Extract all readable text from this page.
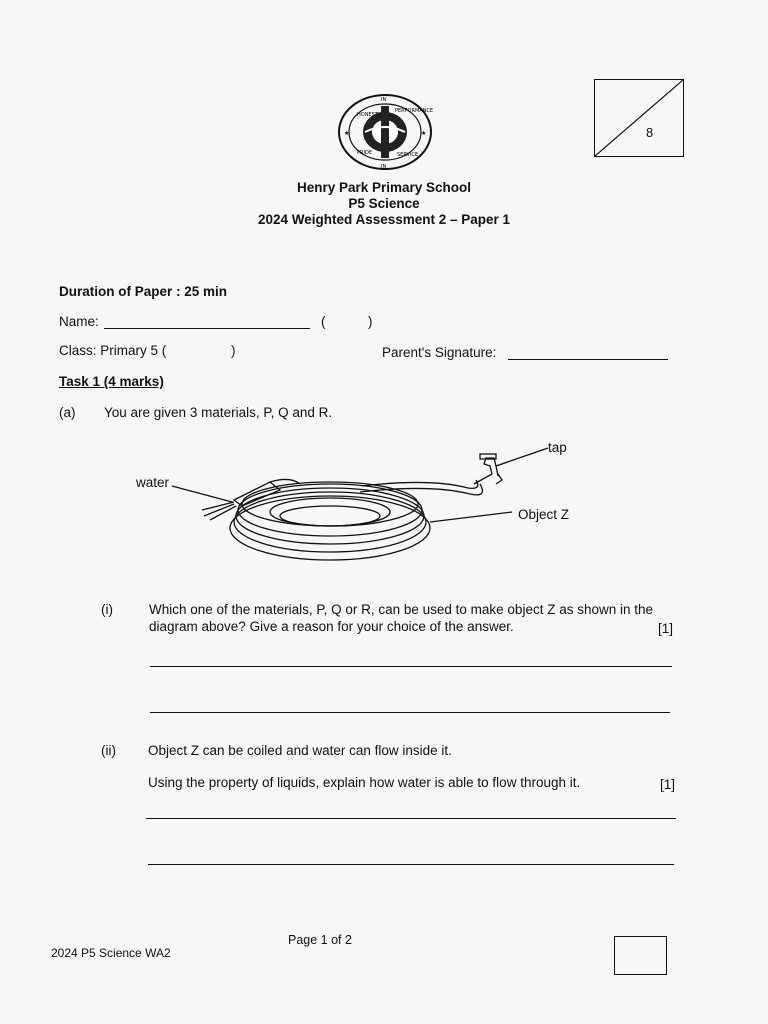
HONESTY
IN
PERFORMANCE
PRIDE
IN
SERVICE
★	★	8
Henry Park Primary School
P5 Science
2024 Weighted Assessment 2 – Paper 1
Duration of Paper : 25 min
Name:	(	)
Class: Primary 5 (	)	Parent's Signature:
Task 1 (4 marks)
(a) You are given 3 materials, P, Q and R.
tap
water
Object Z
(i)	Which one of the materials, P, Q or R, can be used to make object Z as shown in the
diagram above? Give a reason for your choice of the answer.	[1]
(ii) Object Z can be coiled and water can flow inside it.
Using the property of liquids, explain how water is able to flow through it.	[1]
Page 1 of 2
2024 P5 Science WA2
